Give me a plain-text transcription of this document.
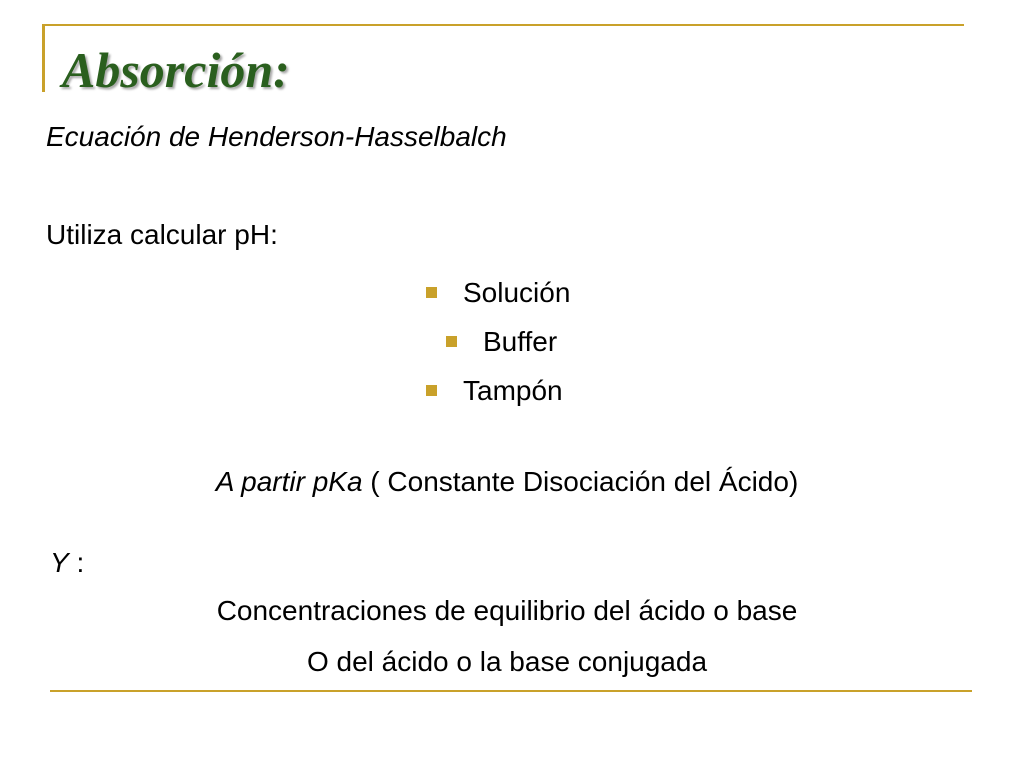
Absorción:
Ecuación de Henderson-Hasselbalch
Utiliza calcular pH:
Solución
Buffer
Tampón
A partir pKa ( Constante Disociación del Ácido)
Y :
Concentraciones de equilibrio del ácido o base
O del ácido o la base conjugada
